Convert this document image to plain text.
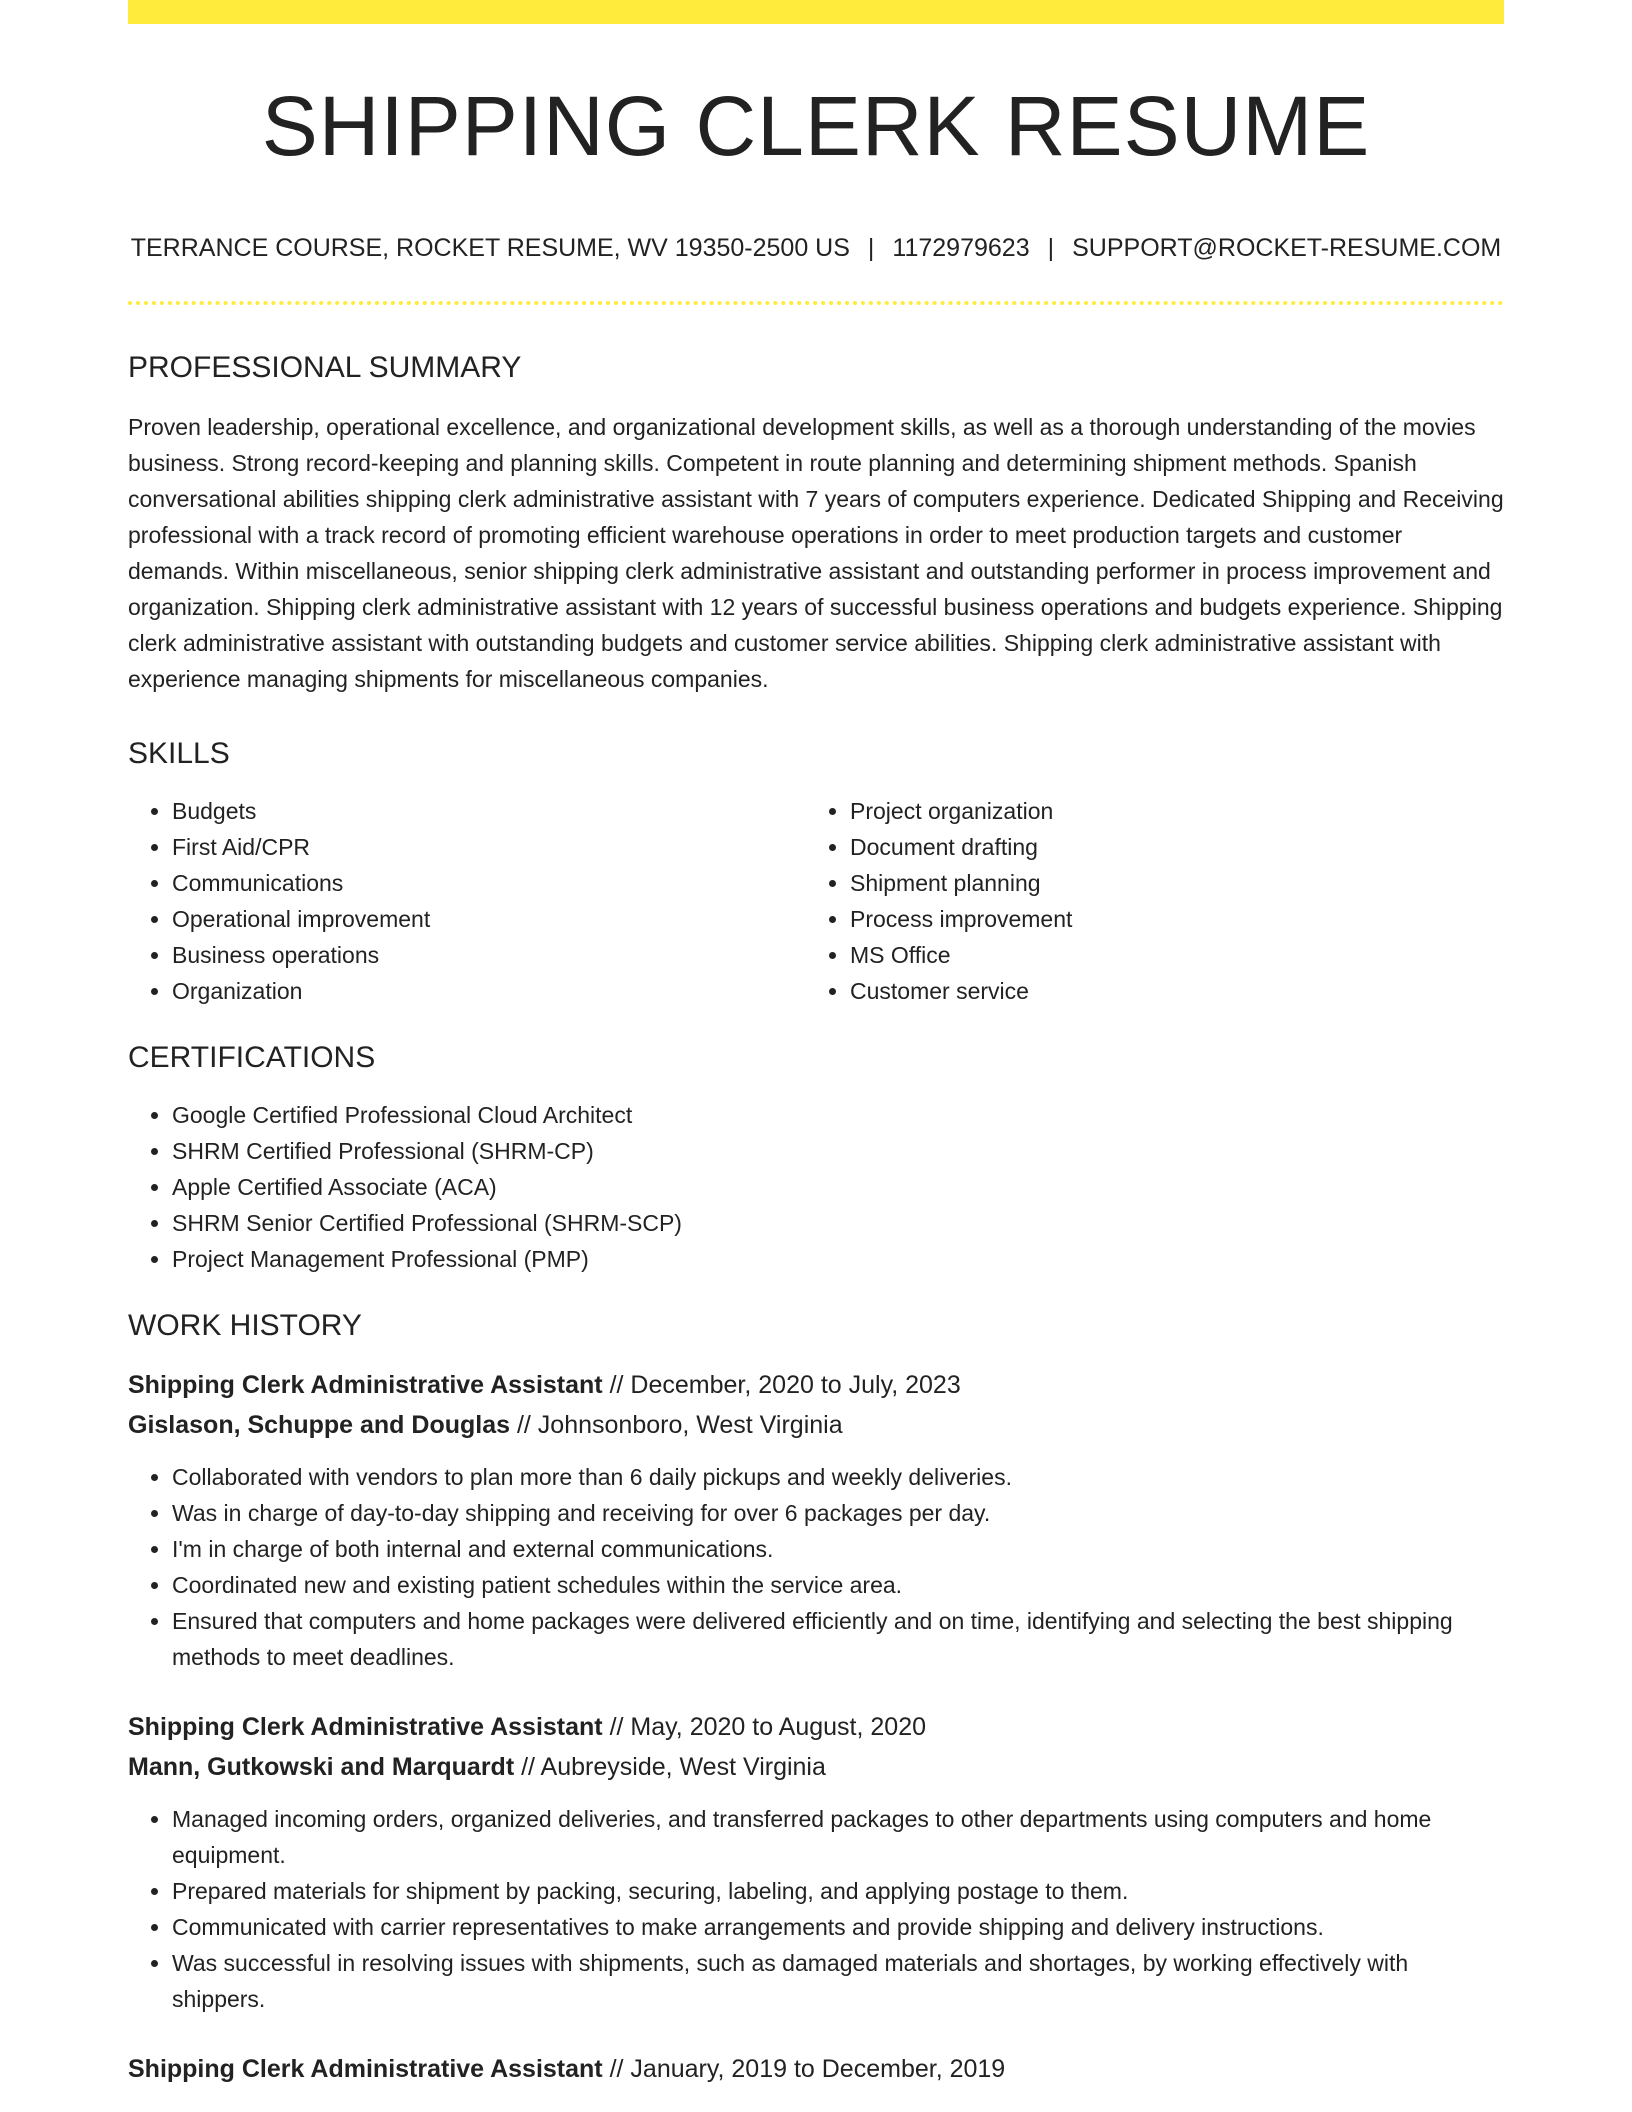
SHIPPING CLERK RESUME
TERRANCE COURSE, ROCKET RESUME, WV 19350-2500 US | 1172979623 | SUPPORT@ROCKET-RESUME.COM
PROFESSIONAL SUMMARY

Proven leadership, operational excellence, and organizational development skills, as well as a thorough understanding of the movies business. Strong record-keeping and planning skills. Competent in route planning and determining shipment methods. Spanish conversational abilities shipping clerk administrative assistant with 7 years of computers experience. Dedicated Shipping and Receiving professional with a track record of promoting efficient warehouse operations in order to meet production targets and customer demands. Within miscellaneous, senior shipping clerk administrative assistant and outstanding performer in process improvement and organization. Shipping clerk administrative assistant with 12 years of successful business operations and budgets experience. Shipping clerk administrative assistant with outstanding budgets and customer service abilities. Shipping clerk administrative assistant with experience managing shipments for miscellaneous companies.

SKILLS
• Budgets
• First Aid/CPR
• Communications
• Operational improvement
• Business operations
• Organization
• Project organization
• Document drafting
• Shipment planning
• Process improvement
• MS Office
• Customer service
CERTIFICATIONS
• Google Certified Professional Cloud Architect
• SHRM Certified Professional (SHRM-CP)
• Apple Certified Associate (ACA)
• SHRM Senior Certified Professional (SHRM-SCP)
• Project Management Professional (PMP)
WORK HISTORY
Shipping Clerk Administrative Assistant // December, 2020 to July, 2023
Gislason, Schuppe and Douglas // Johnsonboro, West Virginia
• Collaborated with vendors to plan more than 6 daily pickups and weekly deliveries.
• Was in charge of day-to-day shipping and receiving for over 6 packages per day.
• I'm in charge of both internal and external communications.
• Coordinated new and existing patient schedules within the service area.
• Ensured that computers and home packages were delivered efficiently and on time, identifying and selecting the best shipping methods to meet deadlines.
Shipping Clerk Administrative Assistant // May, 2020 to August, 2020
Mann, Gutkowski and Marquardt // Aubreyside, West Virginia
• Managed incoming orders, organized deliveries, and transferred packages to other departments using computers and home equipment.
• Prepared materials for shipment by packing, securing, labeling, and applying postage to them.
• Communicated with carrier representatives to make arrangements and provide shipping and delivery instructions.
• Was successful in resolving issues with shipments, such as damaged materials and shortages, by working effectively with shippers.
Shipping Clerk Administrative Assistant // January, 2019 to December, 2019
